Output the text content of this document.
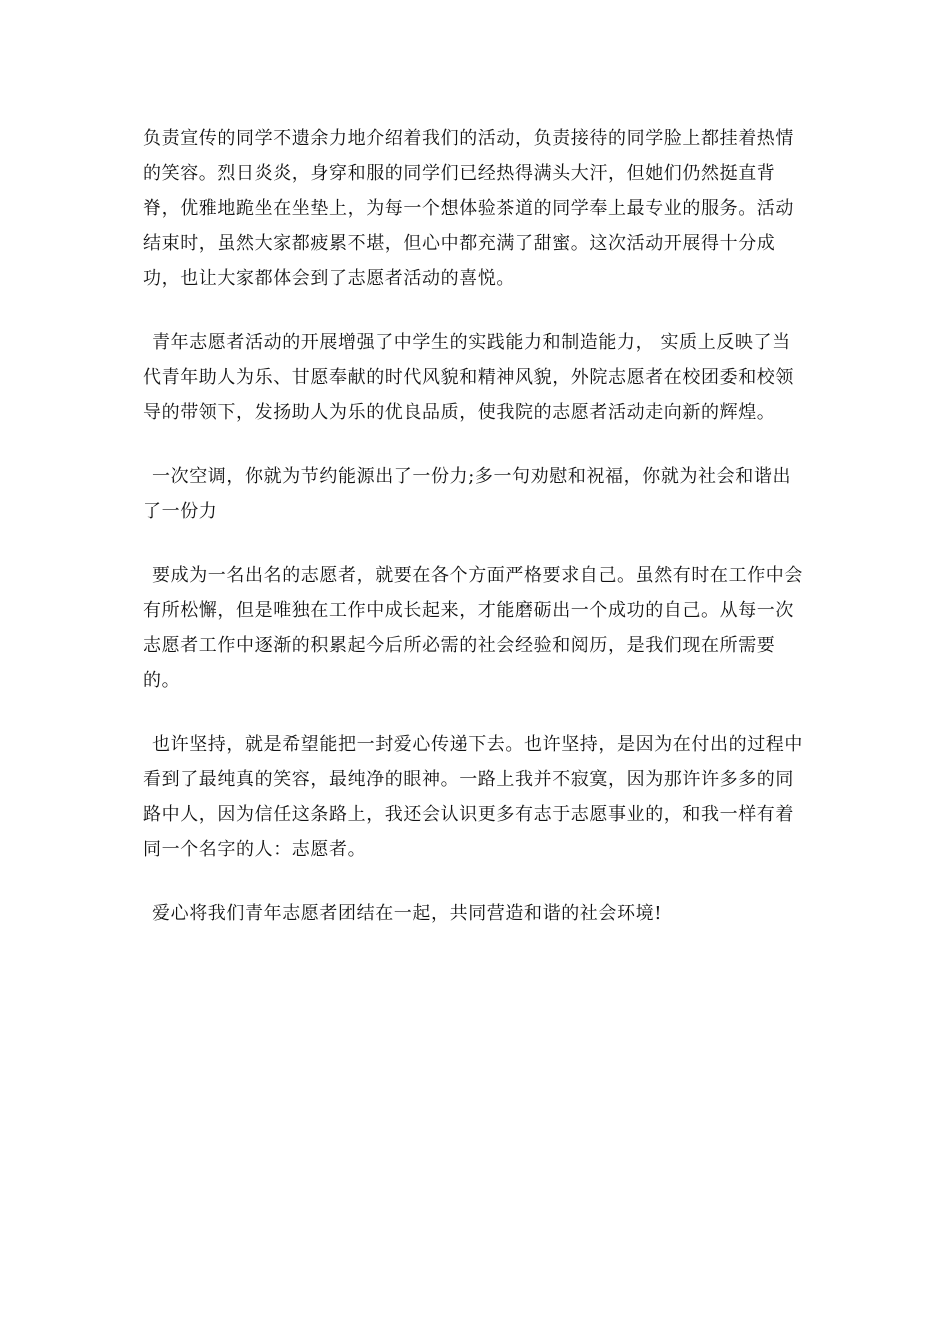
负责宣传的同学不遗余力地介绍着我们的活动，负责接待的同学脸上都挂着热情的笑容。烈日炎炎，身穿和服的同学们已经热得满头大汗，但她们仍然挺直背脊，优雅地跪坐在坐垫上，为每一个想体验茶道的同学奉上最专业的服务。活动结束时，虽然大家都疲累不堪，但心中都充满了甜蜜。这次活动开展得十分成功，也让大家都体会到了志愿者活动的喜悦。

青年志愿者活动的开展增强了中学生的实践能力和制造能力， 实质上反映了当代青年助人为乐、甘愿奉献的时代风貌和精神风貌，外院志愿者在校团委和校领导的带领下，发扬助人为乐的优良品质，使我院的志愿者活动走向新的辉煌。

一次空调，你就为节约能源出了一份力;多一句劝慰和祝福，你就为社会和谐出了一份力

要成为一名出名的志愿者，就要在各个方面严格要求自己。虽然有时在工作中会有所松懈，但是唯独在工作中成长起来，才能磨砺出一个成功的自己。从每一次志愿者工作中逐渐的积累起今后所必需的社会经验和阅历，是我们现在所需要的。

也许坚持，就是希望能把一封爱心传递下去。也许坚持，是因为在付出的过程中看到了最纯真的笑容，最纯净的眼神。一路上我并不寂寞，因为那许许多多的同路中人，因为信任这条路上，我还会认识更多有志于志愿事业的，和我一样有着同一个名字的人：志愿者。

爱心将我们青年志愿者团结在一起，共同营造和谐的社会环境!
